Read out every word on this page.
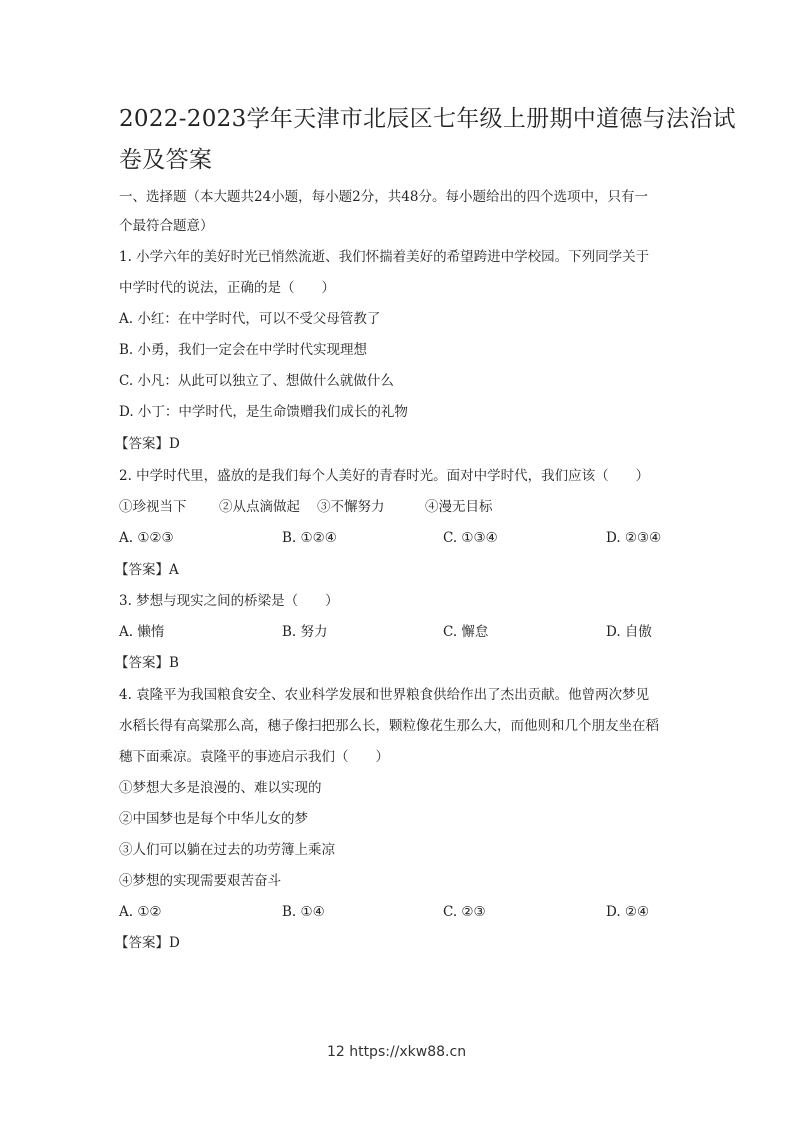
2022-2023学年天津市北辰区七年级上册期中道德与法治试
卷及答案
一、选择题（本大题共24小题，每小题2分，共48分。每小题给出的四个选项中，只有一
个最符合题意）
1. 小学六年的美好时光已悄然流逝、我们怀揣着美好的希望跨进中学校园。下列同学关于
中学时代的说法，正确的是（　　）
A. 小红：在中学时代，可以不受父母管教了
B. 小勇，我们一定会在中学时代实现理想
C. 小凡：从此可以独立了、想做什么就做什么
D. 小丁：中学时代，是生命馈赠我们成长的礼物
【答案】D
2. 中学时代里，盛放的是我们每个人美好的青春时光。面对中学时代，我们应该（　　）
①珍视当下 ②从点滴做起 ③不懈努力	④漫无目标
A. ①②③	B. ①②④	C. ①③④	D. ②③④
【答案】A
3. 梦想与现实之间的桥梁是（　　）
A. 懒惰	B. 努力	C. 懈怠	D. 自傲
【答案】B
4. 袁隆平为我国粮食安全、农业科学发展和世界粮食供给作出了杰出贡献。他曾两次梦见
水稻长得有高粱那么高，穗子像扫把那么长，颗粒像花生那么大，而他则和几个朋友坐在稻
穗下面乘凉。袁隆平的事迹启示我们（　　）
①梦想大多是浪漫的、难以实现的
②中国梦也是每个中华儿女的梦
③人们可以躺在过去的功劳簿上乘凉
④梦想的实现需要艰苦奋斗
A. ①②	B. ①④	C. ②③	D. ②④
【答案】D
12 https://xkw88.cn
